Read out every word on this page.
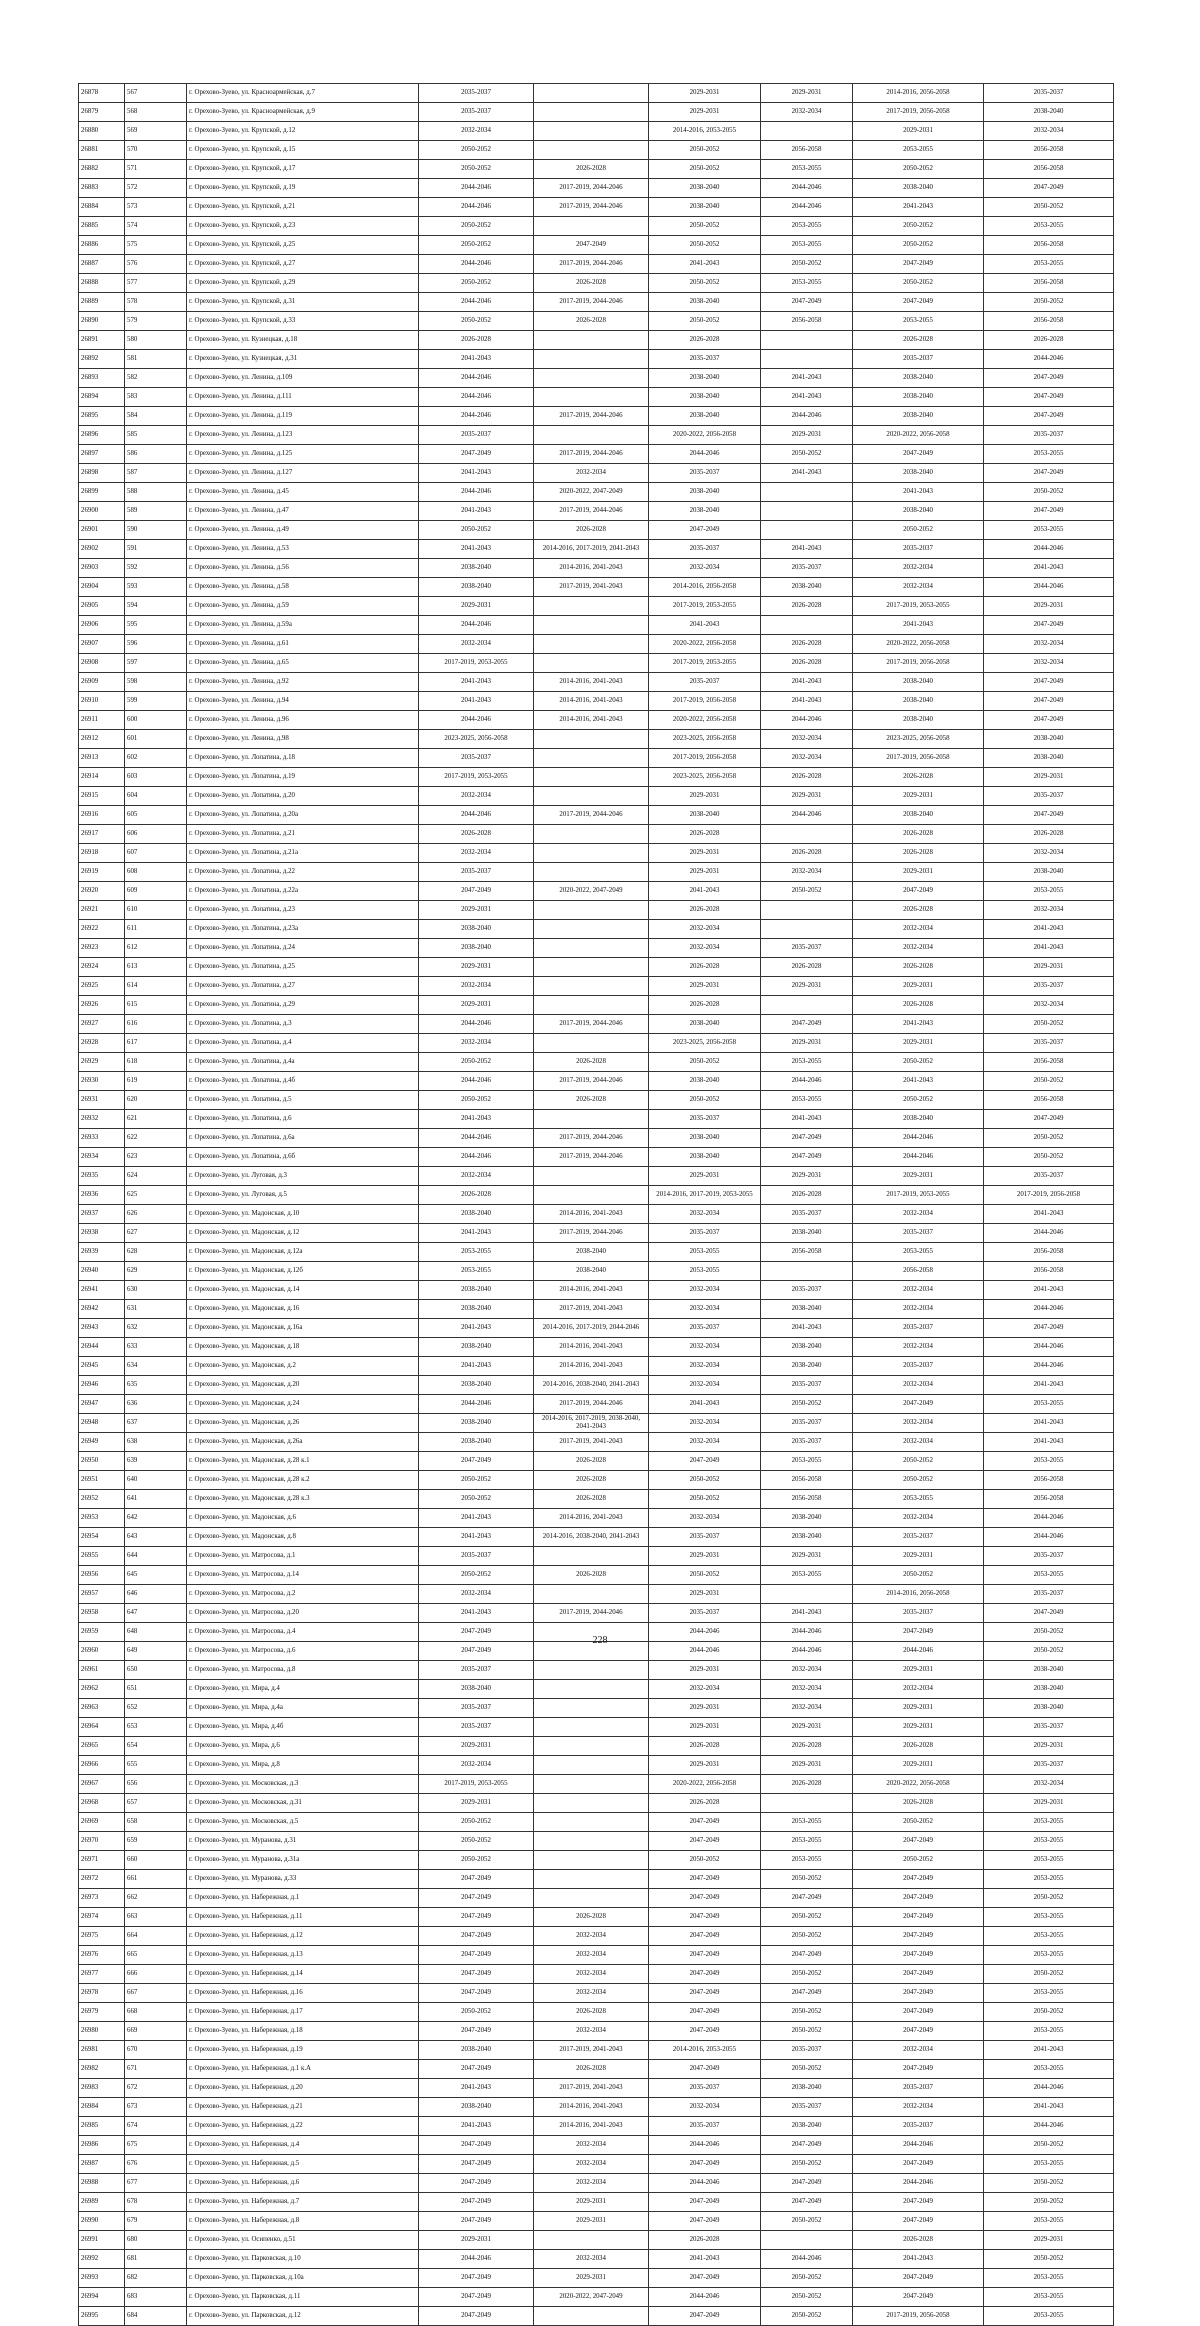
26878	567	г. Орехово-Зуево, ул. Красноармейская, д.7	2035-2037		2029-2031	2029-2031	2014-2016, 2056-2058	2035-2037
26879	568	г. Орехово-Зуево, ул. Красноармейская, д.9	2035-2037		2029-2031	2032-2034	2017-2019, 2056-2058	2038-2040
26880	569	г. Орехово-Зуево, ул. Крупской, д.12	2032-2034		2014-2016, 2053-2055		2029-2031	2032-2034
26881	570	г. Орехово-Зуево, ул. Крупской, д.15	2050-2052		2050-2052	2056-2058	2053-2055	2056-2058
26882	571	г. Орехово-Зуево, ул. Крупской, д.17	2050-2052	2026-2028	2050-2052	2053-2055	2050-2052	2056-2058
26883	572	г. Орехово-Зуево, ул. Крупской, д.19	2044-2046	2017-2019, 2044-2046	2038-2040	2044-2046	2038-2040	2047-2049
26884	573	г. Орехово-Зуево, ул. Крупской, д.21	2044-2046	2017-2019, 2044-2046	2038-2040	2044-2046	2041-2043	2050-2052
26885	574	г. Орехово-Зуево, ул. Крупской, д.23	2050-2052		2050-2052	2053-2055	2050-2052	2053-2055
26886	575	г. Орехово-Зуево, ул. Крупской, д.25	2050-2052	2047-2049	2050-2052	2053-2055	2050-2052	2056-2058
26887	576	г. Орехово-Зуево, ул. Крупской, д.27	2044-2046	2017-2019, 2044-2046	2041-2043	2050-2052	2047-2049	2053-2055
26888	577	г. Орехово-Зуево, ул. Крупской, д.29	2050-2052	2026-2028	2050-2052	2053-2055	2050-2052	2056-2058
26889	578	г. Орехово-Зуево, ул. Крупской, д.31	2044-2046	2017-2019, 2044-2046	2038-2040	2047-2049	2047-2049	2050-2052
26890	579	г. Орехово-Зуево, ул. Крупской, д.33	2050-2052	2026-2028	2050-2052	2056-2058	2053-2055	2056-2058
26891	580	г. Орехово-Зуево, ул. Кузнецкая, д.18	2026-2028		2026-2028		2026-2028	2026-2028
26892	581	г. Орехово-Зуево, ул. Кузнецкая, д.31	2041-2043		2035-2037		2035-2037	2044-2046
26893	582	г. Орехово-Зуево, ул. Ленина, д.109	2044-2046		2038-2040	2041-2043	2038-2040	2047-2049
26894	583	г. Орехово-Зуево, ул. Ленина, д.111	2044-2046		2038-2040	2041-2043	2038-2040	2047-2049
26895	584	г. Орехово-Зуево, ул. Ленина, д.119	2044-2046	2017-2019, 2044-2046	2038-2040	2044-2046	2038-2040	2047-2049
26896	585	г. Орехово-Зуево, ул. Ленина, д.123	2035-2037		2020-2022, 2056-2058	2029-2031	2020-2022, 2056-2058	2035-2037
26897	586	г. Орехово-Зуево, ул. Ленина, д.125	2047-2049	2017-2019, 2044-2046	2044-2046	2050-2052	2047-2049	2053-2055
26898	587	г. Орехово-Зуево, ул. Ленина, д.127	2041-2043	2032-2034	2035-2037	2041-2043	2038-2040	2047-2049
26899	588	г. Орехово-Зуево, ул. Ленина, д.45	2044-2046	2020-2022, 2047-2049	2038-2040		2041-2043	2050-2052
26900	589	г. Орехово-Зуево, ул. Ленина, д.47	2041-2043	2017-2019, 2044-2046	2038-2040		2038-2040	2047-2049
26901	590	г. Орехово-Зуево, ул. Ленина, д.49	2050-2052	2026-2028	2047-2049		2050-2052	2053-2055
26902	591	г. Орехово-Зуево, ул. Ленина, д.53	2041-2043	2014-2016, 2017-2019, 2041-2043	2035-2037	2041-2043	2035-2037	2044-2046
26903	592	г. Орехово-Зуево, ул. Ленина, д.56	2038-2040	2014-2016, 2041-2043	2032-2034	2035-2037	2032-2034	2041-2043
26904	593	г. Орехово-Зуево, ул. Ленина, д.58	2038-2040	2017-2019, 2041-2043	2014-2016, 2056-2058	2038-2040	2032-2034	2044-2046
26905	594	г. Орехово-Зуево, ул. Ленина, д.59	2029-2031		2017-2019, 2053-2055	2026-2028	2017-2019, 2053-2055	2029-2031
26906	595	г. Орехово-Зуево, ул. Ленина, д.59а	2044-2046		2041-2043		2041-2043	2047-2049
26907	596	г. Орехово-Зуево, ул. Ленина, д.61	2032-2034		2020-2022, 2056-2058	2026-2028	2020-2022, 2056-2058	2032-2034
26908	597	г. Орехово-Зуево, ул. Ленина, д.65	2017-2019, 2053-2055		2017-2019, 2053-2055	2026-2028	2017-2019, 2056-2058	2032-2034
26909	598	г. Орехово-Зуево, ул. Ленина, д.92	2041-2043	2014-2016, 2041-2043	2035-2037	2041-2043	2038-2040	2047-2049
26910	599	г. Орехово-Зуево, ул. Ленина, д.94	2041-2043	2014-2016, 2041-2043	2017-2019, 2056-2058	2041-2043	2038-2040	2047-2049
26911	600	г. Орехово-Зуево, ул. Ленина, д.96	2044-2046	2014-2016, 2041-2043	2020-2022, 2056-2058	2044-2046	2038-2040	2047-2049
26912	601	г. Орехово-Зуево, ул. Ленина, д.98	2023-2025, 2056-2058		2023-2025, 2056-2058	2032-2034	2023-2025, 2056-2058	2038-2040
26913	602	г. Орехово-Зуево, ул. Лопатина, д.18	2035-2037		2017-2019, 2056-2058	2032-2034	2017-2019, 2056-2058	2038-2040
26914	603	г. Орехово-Зуево, ул. Лопатина, д.19	2017-2019, 2053-2055		2023-2025, 2056-2058	2026-2028	2026-2028	2029-2031
26915	604	г. Орехово-Зуево, ул. Лопатина, д.20	2032-2034		2029-2031	2029-2031	2029-2031	2035-2037
26916	605	г. Орехово-Зуево, ул. Лопатина, д.20а	2044-2046	2017-2019, 2044-2046	2038-2040	2044-2046	2038-2040	2047-2049
26917	606	г. Орехово-Зуево, ул. Лопатина, д.21	2026-2028		2026-2028		2026-2028	2026-2028
26918	607	г. Орехово-Зуево, ул. Лопатина, д.21а	2032-2034		2029-2031	2026-2028	2026-2028	2032-2034
26919	608	г. Орехово-Зуево, ул. Лопатина, д.22	2035-2037		2029-2031	2032-2034	2029-2031	2038-2040
26920	609	г. Орехово-Зуево, ул. Лопатина, д.22а	2047-2049	2020-2022, 2047-2049	2041-2043	2050-2052	2047-2049	2053-2055
26921	610	г. Орехово-Зуево, ул. Лопатина, д.23	2029-2031		2026-2028		2026-2028	2032-2034
26922	611	г. Орехово-Зуево, ул. Лопатина, д.23а	2038-2040		2032-2034		2032-2034	2041-2043
26923	612	г. Орехово-Зуево, ул. Лопатина, д.24	2038-2040		2032-2034	2035-2037	2032-2034	2041-2043
26924	613	г. Орехово-Зуево, ул. Лопатина, д.25	2029-2031		2026-2028	2026-2028	2026-2028	2029-2031
26925	614	г. Орехово-Зуево, ул. Лопатина, д.27	2032-2034		2029-2031	2029-2031	2029-2031	2035-2037
26926	615	г. Орехово-Зуево, ул. Лопатина, д.29	2029-2031		2026-2028		2026-2028	2032-2034
26927	616	г. Орехово-Зуево, ул. Лопатина, д.3	2044-2046	2017-2019, 2044-2046	2038-2040	2047-2049	2041-2043	2050-2052
26928	617	г. Орехово-Зуево, ул. Лопатина, д.4	2032-2034		2023-2025, 2056-2058	2029-2031	2029-2031	2035-2037
26929	618	г. Орехово-Зуево, ул. Лопатина, д.4а	2050-2052	2026-2028	2050-2052	2053-2055	2050-2052	2056-2058
26930	619	г. Орехово-Зуево, ул. Лопатина, д.4б	2044-2046	2017-2019, 2044-2046	2038-2040	2044-2046	2041-2043	2050-2052
26931	620	г. Орехово-Зуево, ул. Лопатина, д.5	2050-2052	2026-2028	2050-2052	2053-2055	2050-2052	2056-2058
26932	621	г. Орехово-Зуево, ул. Лопатина, д.6	2041-2043		2035-2037	2041-2043	2038-2040	2047-2049
26933	622	г. Орехово-Зуево, ул. Лопатина, д.6а	2044-2046	2017-2019, 2044-2046	2038-2040	2047-2049	2044-2046	2050-2052
26934	623	г. Орехово-Зуево, ул. Лопатина, д.6б	2044-2046	2017-2019, 2044-2046	2038-2040	2047-2049	2044-2046	2050-2052
26935	624	г. Орехово-Зуево, ул. Луговая, д.3	2032-2034		2029-2031	2029-2031	2029-2031	2035-2037
26936	625	г. Орехово-Зуево, ул. Луговая, д.5	2026-2028		2014-2016, 2017-2019, 2053-2055	2026-2028	2017-2019, 2053-2055	2017-2019, 2056-2058
26937	626	г. Орехово-Зуево, ул. Мадонская, д.10	2038-2040	2014-2016, 2041-2043	2032-2034	2035-2037	2032-2034	2041-2043
26938	627	г. Орехово-Зуево, ул. Мадонская, д.12	2041-2043	2017-2019, 2044-2046	2035-2037	2038-2040	2035-2037	2044-2046
26939	628	г. Орехово-Зуево, ул. Мадонская, д.12а	2053-2055	2038-2040	2053-2055	2056-2058	2053-2055	2056-2058
26940	629	г. Орехово-Зуево, ул. Мадонская, д.12б	2053-2055	2038-2040	2053-2055		2056-2058	2056-2058
26941	630	г. Орехово-Зуево, ул. Мадонская, д.14	2038-2040	2014-2016, 2041-2043	2032-2034	2035-2037	2032-2034	2041-2043
26942	631	г. Орехово-Зуево, ул. Мадонская, д.16	2038-2040	2017-2019, 2041-2043	2032-2034	2038-2040	2032-2034	2044-2046
26943	632	г. Орехово-Зуево, ул. Мадонская, д.16а	2041-2043	2014-2016, 2017-2019, 2044-2046	2035-2037	2041-2043	2035-2037	2047-2049
26944	633	г. Орехово-Зуево, ул. Мадонская, д.18	2038-2040	2014-2016, 2041-2043	2032-2034	2038-2040	2032-2034	2044-2046
26945	634	г. Орехово-Зуево, ул. Мадонская, д.2	2041-2043	2014-2016, 2041-2043	2032-2034	2038-2040	2035-2037	2044-2046
26946	635	г. Орехово-Зуево, ул. Мадонская, д.20	2038-2040	2014-2016, 2038-2040, 2041-2043	2032-2034	2035-2037	2032-2034	2041-2043
26947	636	г. Орехово-Зуево, ул. Мадонская, д.24	2044-2046	2017-2019, 2044-2046	2041-2043	2050-2052	2047-2049	2053-2055
26948	637	г. Орехово-Зуево, ул. Мадонская, д.26	2038-2040	2014-2016, 2017-2019, 2038-2040, 2041-2043	2032-2034	2035-2037	2032-2034	2041-2043
26949	638	г. Орехово-Зуево, ул. Мадонская, д.26а	2038-2040	2017-2019, 2041-2043	2032-2034	2035-2037	2032-2034	2041-2043
26950	639	г. Орехово-Зуево, ул. Мадонская, д.28 к.1	2047-2049	2026-2028	2047-2049	2053-2055	2050-2052	2053-2055
26951	640	г. Орехово-Зуево, ул. Мадонская, д.28 к.2	2050-2052	2026-2028	2050-2052	2056-2058	2050-2052	2056-2058
26952	641	г. Орехово-Зуево, ул. Мадонская, д.28 к.3	2050-2052	2026-2028	2050-2052	2056-2058	2053-2055	2056-2058
26953	642	г. Орехово-Зуево, ул. Мадонская, д.6	2041-2043	2014-2016, 2041-2043	2032-2034	2038-2040	2032-2034	2044-2046
26954	643	г. Орехово-Зуево, ул. Мадонская, д.8	2041-2043	2014-2016, 2038-2040, 2041-2043	2035-2037	2038-2040	2035-2037	2044-2046
26955	644	г. Орехово-Зуево, ул. Матросова, д.1	2035-2037		2029-2031	2029-2031	2029-2031	2035-2037
26956	645	г. Орехово-Зуево, ул. Матросова, д.14	2050-2052	2026-2028	2050-2052	2053-2055	2050-2052	2053-2055
26957	646	г. Орехово-Зуево, ул. Матросова, д.2	2032-2034		2029-2031		2014-2016, 2056-2058	2035-2037
26958	647	г. Орехово-Зуево, ул. Матросова, д.20	2041-2043	2017-2019, 2044-2046	2035-2037	2041-2043	2035-2037	2047-2049
26959	648	г. Орехово-Зуево, ул. Матросова, д.4	2047-2049		2044-2046	2044-2046	2047-2049	2050-2052
26960	649	г. Орехово-Зуево, ул. Матросова, д.6	2047-2049		2044-2046	2044-2046	2044-2046	2050-2052
26961	650	г. Орехово-Зуево, ул. Матросова, д.8	2035-2037		2029-2031	2032-2034	2029-2031	2038-2040
26962	651	г. Орехово-Зуево, ул. Мира, д.4	2038-2040		2032-2034	2032-2034	2032-2034	2038-2040
26963	652	г. Орехово-Зуево, ул. Мира, д.4а	2035-2037		2029-2031	2032-2034	2029-2031	2038-2040
26964	653	г. Орехово-Зуево, ул. Мира, д.4б	2035-2037		2029-2031	2029-2031	2029-2031	2035-2037
26965	654	г. Орехово-Зуево, ул. Мира, д.6	2029-2031		2026-2028	2026-2028	2026-2028	2029-2031
26966	655	г. Орехово-Зуево, ул. Мира, д.8	2032-2034		2029-2031	2029-2031	2029-2031	2035-2037
26967	656	г. Орехово-Зуево, ул. Московская, д.3	2017-2019, 2053-2055		2020-2022, 2056-2058	2026-2028	2020-2022, 2056-2058	2032-2034
26968	657	г. Орехово-Зуево, ул. Московская, д.31	2029-2031		2026-2028		2026-2028	2029-2031
26969	658	г. Орехово-Зуево, ул. Московская, д.5	2050-2052		2047-2049	2053-2055	2050-2052	2053-2055
26970	659	г. Орехово-Зуево, ул. Муранова, д.31	2050-2052		2047-2049	2053-2055	2047-2049	2053-2055
26971	660	г. Орехово-Зуево, ул. Муранова, д.31а	2050-2052		2050-2052	2053-2055	2050-2052	2053-2055
26972	661	г. Орехово-Зуево, ул. Муранова, д.33	2047-2049		2047-2049	2050-2052	2047-2049	2053-2055
26973	662	г. Орехово-Зуево, ул. Набережная, д.1	2047-2049		2047-2049	2047-2049	2047-2049	2050-2052
26974	663	г. Орехово-Зуево, ул. Набережная, д.11	2047-2049	2026-2028	2047-2049	2050-2052	2047-2049	2053-2055
26975	664	г. Орехово-Зуево, ул. Набережная, д.12	2047-2049	2032-2034	2047-2049	2050-2052	2047-2049	2053-2055
26976	665	г. Орехово-Зуево, ул. Набережная, д.13	2047-2049	2032-2034	2047-2049	2047-2049	2047-2049	2053-2055
26977	666	г. Орехово-Зуево, ул. Набережная, д.14	2047-2049	2032-2034	2047-2049	2050-2052	2047-2049	2050-2052
26978	667	г. Орехово-Зуево, ул. Набережная, д.16	2047-2049	2032-2034	2047-2049	2047-2049	2047-2049	2053-2055
26979	668	г. Орехово-Зуево, ул. Набережная, д.17	2050-2052	2026-2028	2047-2049	2050-2052	2047-2049	2050-2052
26980	669	г. Орехово-Зуево, ул. Набережная, д.18	2047-2049	2032-2034	2047-2049	2050-2052	2047-2049	2053-2055
26981	670	г. Орехово-Зуево, ул. Набережная, д.19	2038-2040	2017-2019, 2041-2043	2014-2016, 2053-2055	2035-2037	2032-2034	2041-2043
26982	671	г. Орехово-Зуево, ул. Набережная, д.1 к.А	2047-2049	2026-2028	2047-2049	2050-2052	2047-2049	2053-2055
26983	672	г. Орехово-Зуево, ул. Набережная, д.20	2041-2043	2017-2019, 2041-2043	2035-2037	2038-2040	2035-2037	2044-2046
26984	673	г. Орехово-Зуево, ул. Набережная, д.21	2038-2040	2014-2016, 2041-2043	2032-2034	2035-2037	2032-2034	2041-2043
26985	674	г. Орехово-Зуево, ул. Набережная, д.22	2041-2043	2014-2016, 2041-2043	2035-2037	2038-2040	2035-2037	2044-2046
26986	675	г. Орехово-Зуево, ул. Набережная, д.4	2047-2049	2032-2034	2044-2046	2047-2049	2044-2046	2050-2052
26987	676	г. Орехово-Зуево, ул. Набережная, д.5	2047-2049	2032-2034	2047-2049	2050-2052	2047-2049	2053-2055
26988	677	г. Орехово-Зуево, ул. Набережная, д.6	2047-2049	2032-2034	2044-2046	2047-2049	2044-2046	2050-2052
26989	678	г. Орехово-Зуево, ул. Набережная, д.7	2047-2049	2029-2031	2047-2049	2047-2049	2047-2049	2050-2052
26990	679	г. Орехово-Зуево, ул. Набережная, д.8	2047-2049	2029-2031	2047-2049	2050-2052	2047-2049	2053-2055
26991	680	г. Орехово-Зуево, ул. Осипенко, д.51	2029-2031		2026-2028		2026-2028	2029-2031
26992	681	г. Орехово-Зуево, ул. Парковская, д.10	2044-2046	2032-2034	2041-2043	2044-2046	2041-2043	2050-2052
26993	682	г. Орехово-Зуево, ул. Парковская, д.10а	2047-2049	2029-2031	2047-2049	2050-2052	2047-2049	2053-2055
26994	683	г. Орехово-Зуево, ул. Парковская, д.11	2047-2049	2020-2022, 2047-2049	2044-2046	2050-2052	2047-2049	2053-2055
26995	684	г. Орехово-Зуево, ул. Парковская, д.12	2047-2049		2047-2049	2050-2052	2017-2019, 2056-2058	2053-2055
228
